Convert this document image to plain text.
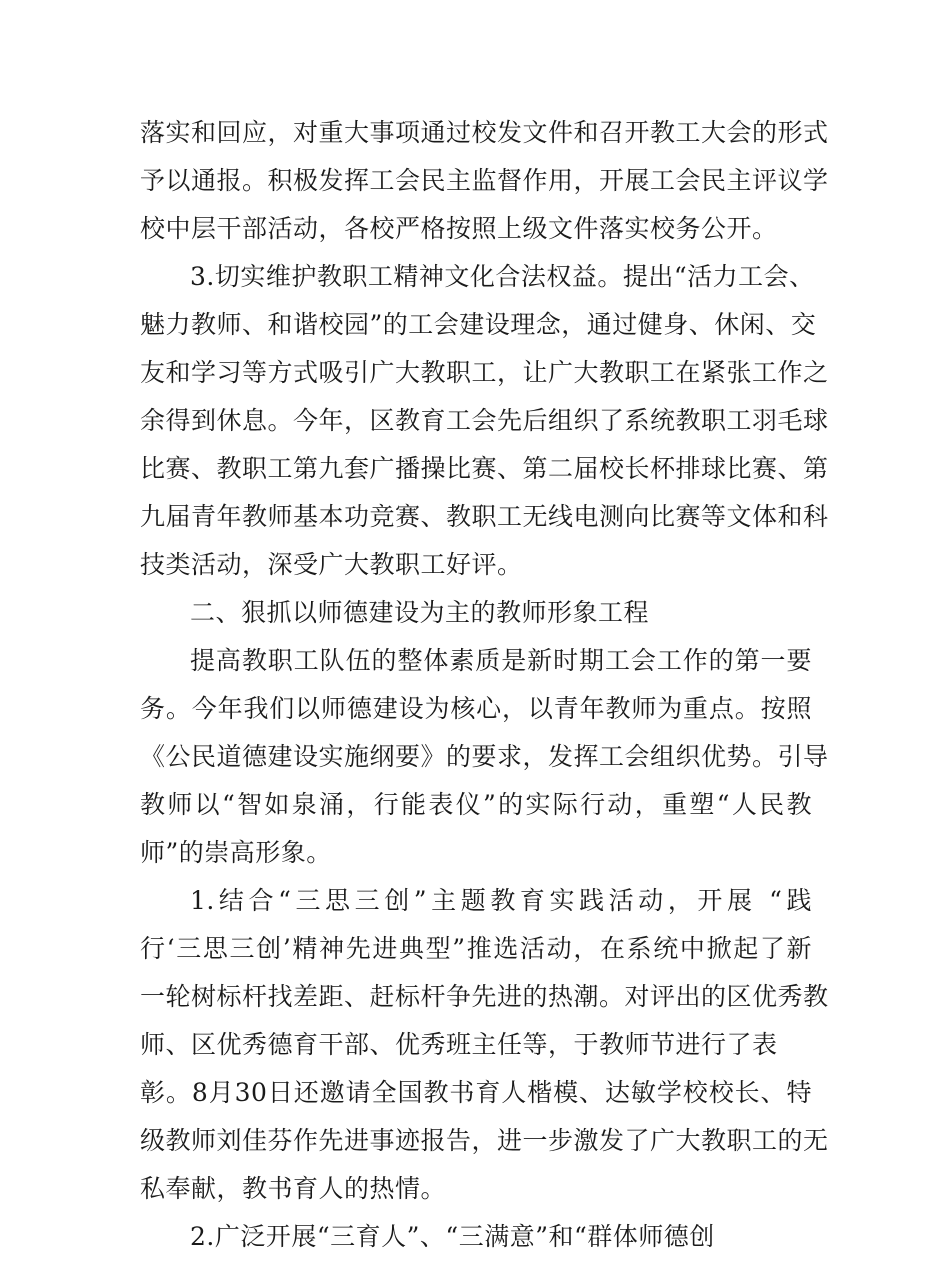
落实和回应，对重大事项通过校发文件和召开教工大会的形式
予以通报。积极发挥工会民主监督作用，开展工会民主评议学
校中层干部活动，各校严格按照上级文件落实校务公开。
3.切实维护教职工精神文化合法权益。提出“活力工会、
魅力教师、和谐校园”的工会建设理念，通过健身、休闲、交
友和学习等方式吸引广大教职工，让广大教职工在紧张工作之
余得到休息。今年，区教育工会先后组织了系统教职工羽毛球
比赛、教职工第九套广播操比赛、第二届校长杯排球比赛、第
九届青年教师基本功竞赛、教职工无线电测向比赛等文体和科
技类活动，深受广大教职工好评。
二、狠抓以师德建设为主的教师形象工程
提高教职工队伍的整体素质是新时期工会工作的第一要
务。今年我们以师德建设为核心，以青年教师为重点。按照
《公民道德建设实施纲要》的要求，发挥工会组织优势。引导
教师以“智如泉涌，行能表仪”的实际行动，重塑“人民教
师”的崇高形象。
1.结合“三思三创”主题教育实践活动，开展 “践
行‘三思三创’精神先进典型”推选活动，在系统中掀起了新
一轮树标杆找差距、赶标杆争先进的热潮。对评出的区优秀教
师、区优秀德育干部、优秀班主任等，于教师节进行了表
彰。8月30日还邀请全国教书育人楷模、达敏学校校长、特
级教师刘佳芬作先进事迹报告，进一步激发了广大教职工的无
私奉献，教书育人的热情。
2.广泛开展“三育人”、“三满意”和“群体师德创
